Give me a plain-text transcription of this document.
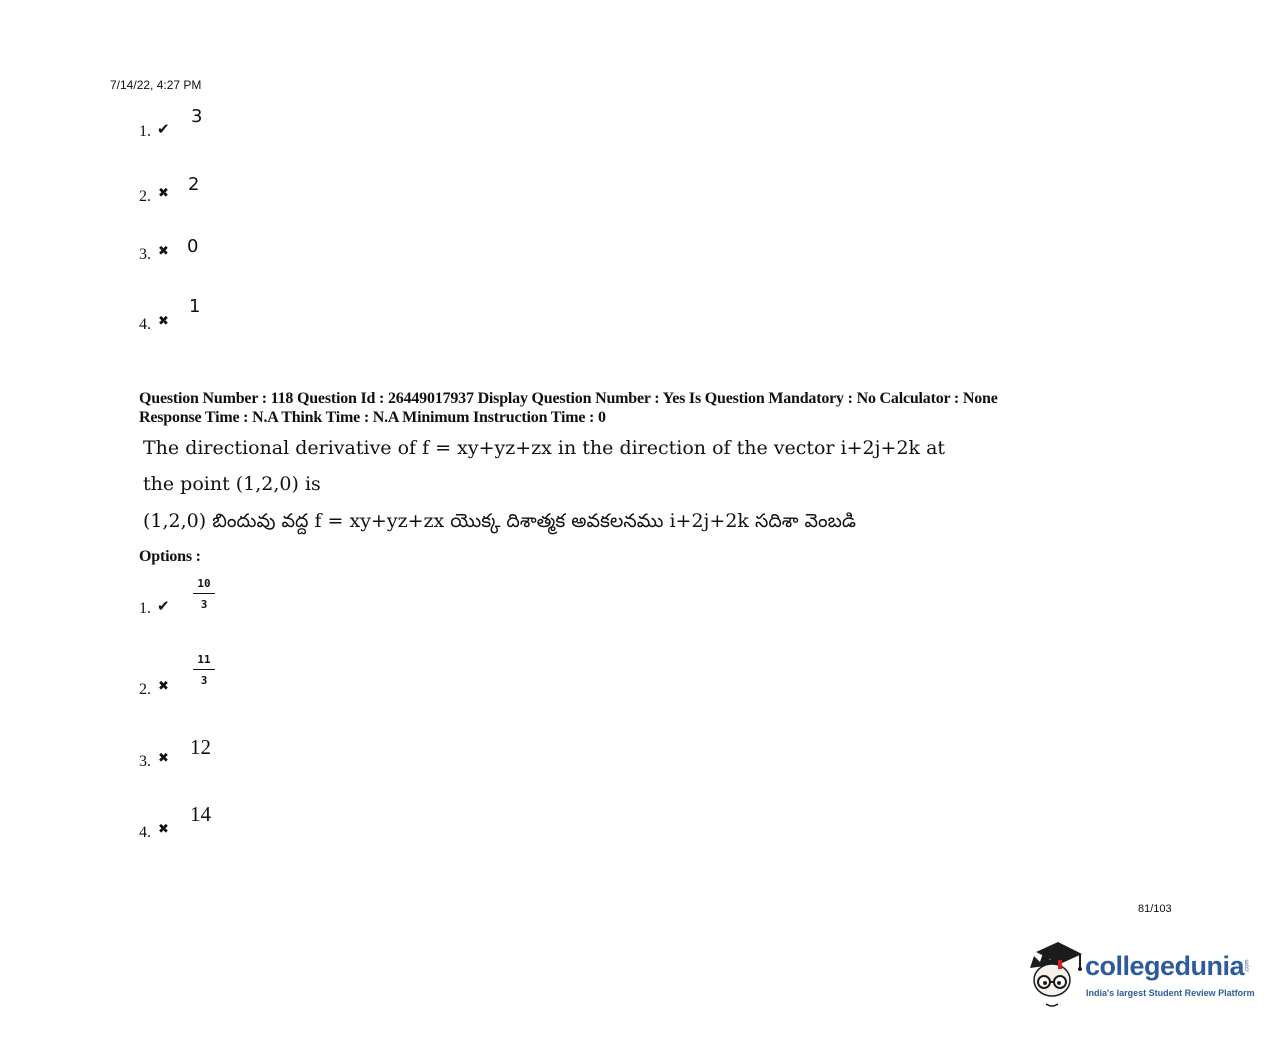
7/14/22, 4:27 PM
1. ✔
3
2. ✖ 2
3. ✖ 0
4. ✖
1
Question Number : 118 Question Id : 26449017937 Display Question Number : Yes Is Question Mandatory : No Calculator : None
Response Time : N.A Think Time : N.A Minimum Instruction Time : 0
The directional derivative of f = xy+yz+zx in the direction of the vector i+2j+2k at
the point (1,2,0) is
(1,2,0) బిందువు వద్ద f = xy+yz+zx యొక్క దిశాత్మక అవకలనము i+2j+2k సదిశా వెంబడి
Options :
1. ✔ $\frac{10}{3}$
2. ✖ $\frac{11}{3}$
3. ✖ 12
4. ✖
14
81/103
collegedunia .com
India's largest Student Review Platform
